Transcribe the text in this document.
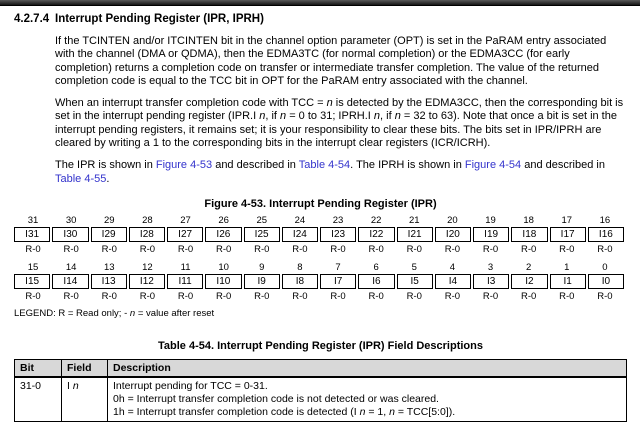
4.2.7.4 Interrupt Pending Register (IPR, IPRH)

If the TCINTEN and/or ITCINTEN bit in the channel option parameter (OPT) is set in the PaRAM entry associated with the channel (DMA or QDMA), then the EDMA3TC (for normal completion) or the EDMA3CC (for early completion) returns a completion code on transfer or intermediate transfer completion. The value of the returned completion code is equal to the TCC bit in OPT for the PaRAM entry associated with the channel.

When an interrupt transfer completion code with TCC = n is detected by the EDMA3CC, then the corresponding bit is set in the interrupt pending register (IPR.I n, if n = 0 to 31; IPRH.I n, if n = 32 to 63). Note that once a bit is set in the interrupt pending registers, it remains set; it is your responsibility to clear these bits. The bits set in IPR/IPRH are cleared by writing a 1 to the corresponding bits in the interrupt clear registers (ICR/ICRH).

The IPR is shown in Figure 4-53 and described in Table 4-54. The IPRH is shown in Figure 4-54 and described in Table 4-55.

Figure 4-53. Interrupt Pending Register (IPR)
31	30	29	28	27	26	25	24	23	22	21	20	19	18	17	16
I31	I30	I29	I28	I27	I26	I25	I24	I23	I22	I21	I20	I19	I18	I17	I16
R-0	R-0	R-0	R-0	R-0	R-0	R-0	R-0	R-0	R-0	R-0	R-0	R-0	R-0	R-0	R-0
15	14	13	12	11	10	9	8	7	6	5	4	3	2	1	0
I15	I14	I13	I12	I11	I10	I9	I8	I7	I6	I5	I4	I3	I2	I1	I0
R-0	R-0	R-0	R-0	R-0	R-0	R-0	R-0	R-0	R-0	R-0	R-0	R-0	R-0	R-0	R-0
LEGEND: R = Read only; - n = value after reset
Table 4-54. Interrupt Pending Register (IPR) Field Descriptions
Bit	Field	Description
31-0	I n	Interrupt pending for TCC = 0-31.
0h = Interrupt transfer completion code is not detected or was cleared.
1h = Interrupt transfer completion code is detected (I n = 1, n = TCC[5:0]).
